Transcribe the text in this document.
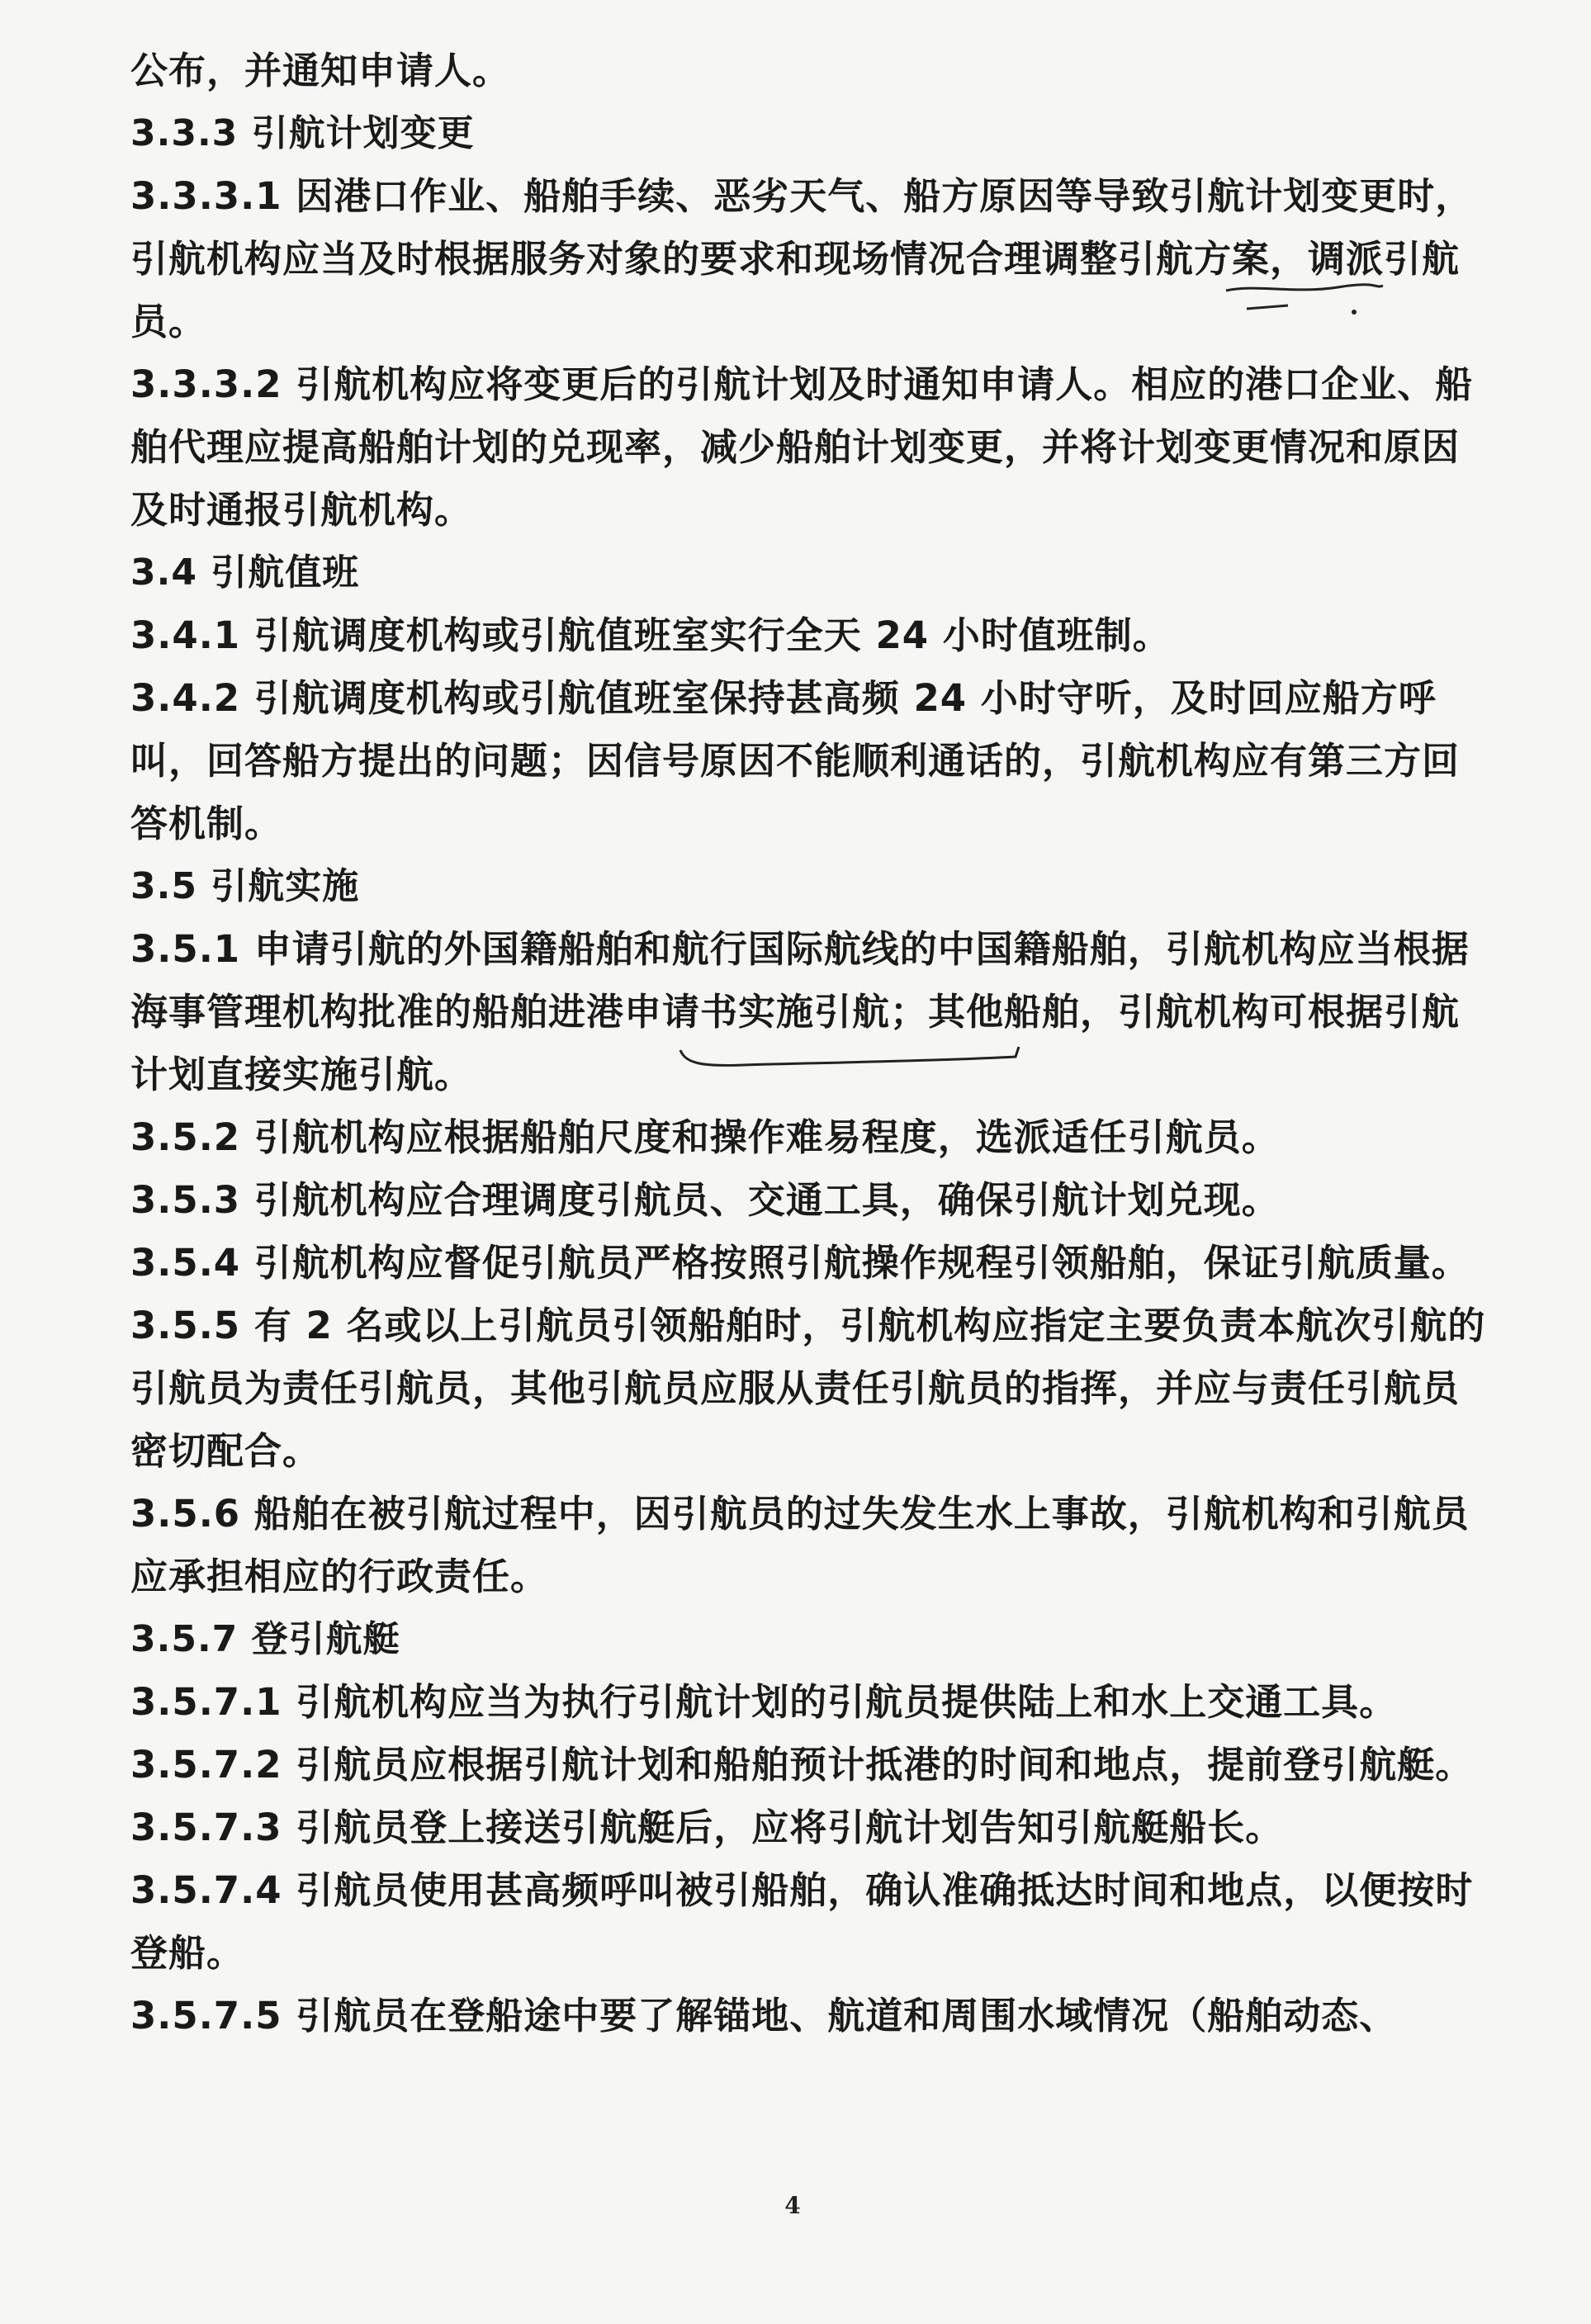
公布，并通知申请人。

3.3.3 引航计划变更

3.3.3.1 因港口作业、船舶手续、恶劣天气、船方原因等导致引航计划变更时，引航机构应当及时根据服务对象的要求和现场情况合理调整引航方案，调派引航员。

3.3.3.2 引航机构应将变更后的引航计划及时通知申请人。相应的港口企业、船舶代理应提高船舶计划的兑现率，减少船舶计划变更，并将计划变更情况和原因及时通报引航机构。

3.4 引航值班

3.4.1 引航调度机构或引航值班室实行全天 24 小时值班制。

3.4.2 引航调度机构或引航值班室保持甚高频 24 小时守听，及时回应船方呼叫，回答船方提出的问题；因信号原因不能顺利通话的，引航机构应有第三方回答机制。

3.5 引航实施

3.5.1 申请引航的外国籍船舶和航行国际航线的中国籍船舶，引航机构应当根据海事管理机构批准的船舶进港申请书实施引航；其他船舶，引航机构可根据引航计划直接实施引航。

3.5.2 引航机构应根据船舶尺度和操作难易程度，选派适任引航员。

3.5.3 引航机构应合理调度引航员、交通工具，确保引航计划兑现。

3.5.4 引航机构应督促引航员严格按照引航操作规程引领船舶，保证引航质量。

3.5.5 有 2 名或以上引航员引领船舶时，引航机构应指定主要负责本航次引航的引航员为责任引航员，其他引航员应服从责任引航员的指挥，并应与责任引航员密切配合。

3.5.6 船舶在被引航过程中，因引航员的过失发生水上事故，引航机构和引航员应承担相应的行政责任。

3.5.7 登引航艇

3.5.7.1 引航机构应当为执行引航计划的引航员提供陆上和水上交通工具。

3.5.7.2 引航员应根据引航计划和船舶预计抵港的时间和地点，提前登引航艇。

3.5.7.3 引航员登上接送引航艇后，应将引航计划告知引航艇船长。

3.5.7.4 引航员使用甚高频呼叫被引船舶，确认准确抵达时间和地点，以便按时登船。

3.5.7.5 引航员在登船途中要了解锚地、航道和周围水域情况（船舶动态、

4
